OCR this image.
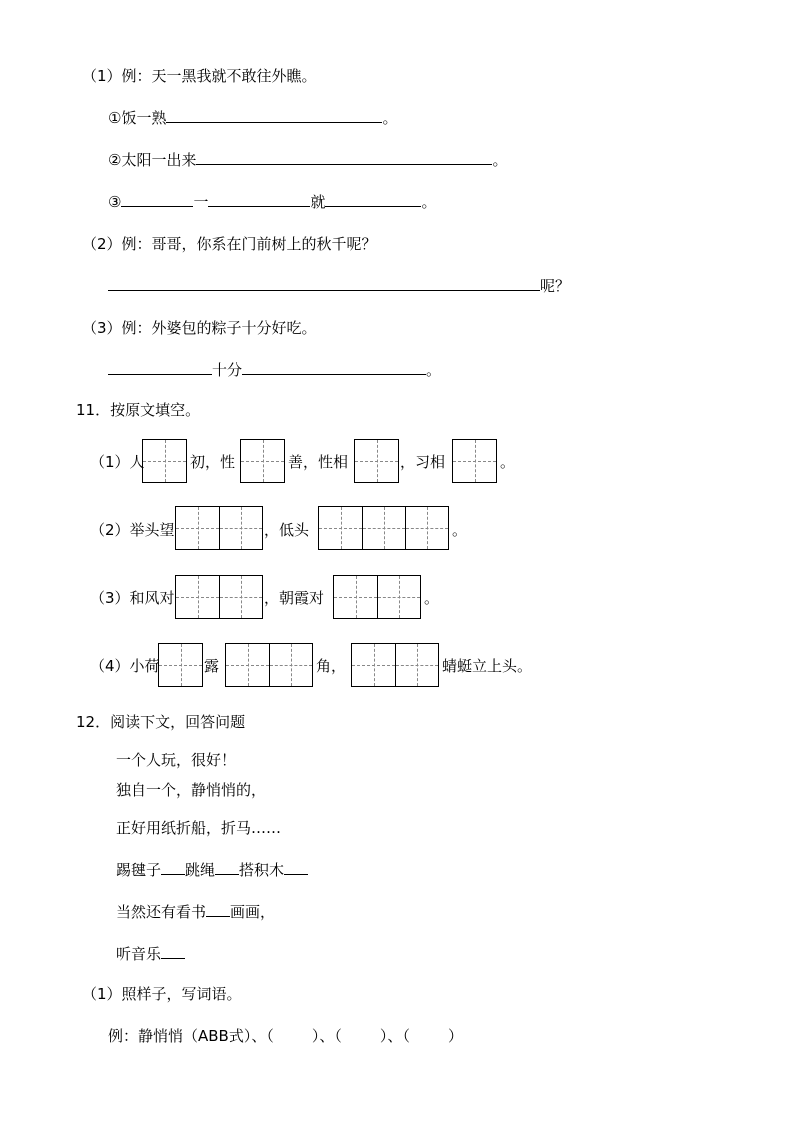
（1）例：天一黑我就不敢往外瞧。
①饭一熟	。
②太阳一出来	。
③	一	就	。
（2）例：哥哥，你系在门前树上的秋千呢？
呢？
（3）例：外婆包的粽子十分好吃。
十分	。
11．按原文填空。
（1）人	初，性	善，性相	，习相	。
（2）举头望	，低头	。
（3）和风对	，朝霞对	。
（4）小荷	露	角，	蜻蜓立上头。
12．阅读下文，回答问题
一个人玩，很好！
独自一个，静悄悄的，
正好用纸折船，折马……
踢毽子 跳绳 搭积木
当然还有看书 画画，
听音乐
（1）照样子，写词语。
例：静悄悄（ABB式）、（	）、（	）、（	）
